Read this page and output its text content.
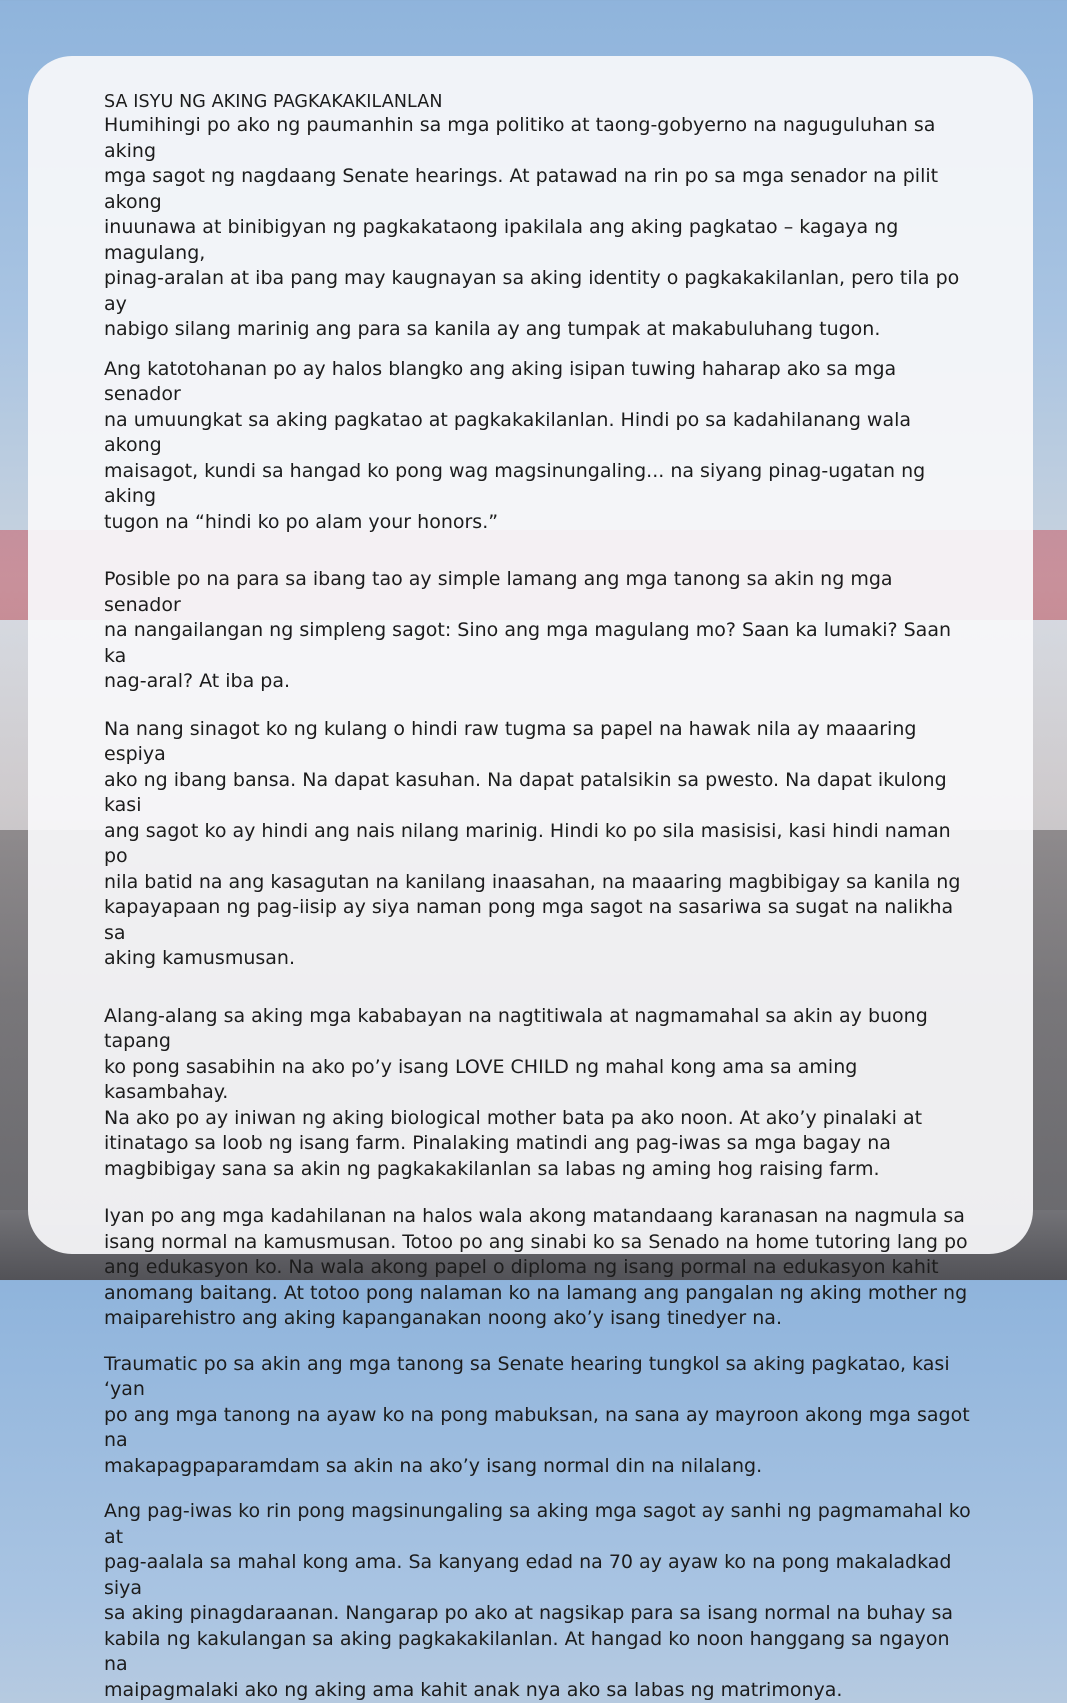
SA ISYU NG AKING PAGKAKAKILANLAN

Humihingi po ako ng paumanhin sa mga politiko at taong-gobyerno na naguguluhan sa aking
mga sagot ng nagdaang Senate hearings. At patawad na rin po sa mga senador na pilit akong
inuunawa at binibigyan ng pagkakataong ipakilala ang aking pagkatao – kagaya ng magulang,
pinag-aralan at iba pang may kaugnayan sa aking identity o pagkakakilanlan, pero tila po ay
nabigo silang marinig ang para sa kanila ay ang tumpak at makabuluhang tugon.

Ang katotohanan po ay halos blangko ang aking isipan tuwing haharap ako sa mga senador
na umuungkat sa aking pagkatao at pagkakakilanlan. Hindi po sa kadahilanang wala akong
maisagot, kundi sa hangad ko pong wag magsinungaling... na siyang pinag-ugatan ng aking
tugon na “hindi ko po alam your honors.”

Posible po na para sa ibang tao ay simple lamang ang mga tanong sa akin ng mga senador
na nangailangan ng simpleng sagot: Sino ang mga magulang mo? Saan ka lumaki? Saan ka
nag-aral? At iba pa.

Na nang sinagot ko ng kulang o hindi raw tugma sa papel na hawak nila ay maaaring espiya
ako ng ibang bansa. Na dapat kasuhan. Na dapat patalsikin sa pwesto. Na dapat ikulong kasi
ang sagot ko ay hindi ang nais nilang marinig. Hindi ko po sila masisisi, kasi hindi naman po
nila batid na ang kasagutan na kanilang inaasahan, na maaaring magbibigay sa kanila ng
kapayapaan ng pag-iisip ay siya naman pong mga sagot na sasariwa sa sugat na nalikha sa
aking kamusmusan.

Alang-alang sa aking mga kababayan na nagtitiwala at nagmamahal sa akin ay buong tapang
ko pong sasabihin na ako po’y isang LOVE CHILD ng mahal kong ama sa aming kasambahay.
Na ako po ay iniwan ng aking biological mother bata pa ako noon. At ako’y pinalaki at
itinatago sa loob ng isang farm. Pinalaking matindi ang pag-iwas sa mga bagay na
magbibigay sana sa akin ng pagkakakilanlan sa labas ng aming hog raising farm.

Iyan po ang mga kadahilanan na halos wala akong matandaang karanasan na nagmula sa
isang normal na kamusmusan. Totoo po ang sinabi ko sa Senado na home tutoring lang po
ang edukasyon ko. Na wala akong papel o diploma ng isang pormal na edukasyon kahit
anomang baitang. At totoo pong nalaman ko na lamang ang pangalan ng aking mother ng
maiparehistro ang aking kapanganakan noong ako’y isang tinedyer na.

Traumatic po sa akin ang mga tanong sa Senate hearing tungkol sa aking pagkatao, kasi ‘yan
po ang mga tanong na ayaw ko na pong mabuksan, na sana ay mayroon akong mga sagot na
makapagpaparamdam sa akin na ako’y isang normal din na nilalang.

Ang pag-iwas ko rin pong magsinungaling sa aking mga sagot ay sanhi ng pagmamahal ko at
pag-aalala sa mahal kong ama. Sa kanyang edad na 70 ay ayaw ko na pong makaladkad siya
sa aking pinagdaraanan. Nangarap po ako at nagsikap para sa isang normal na buhay sa
kabila ng kakulangan sa aking pagkakakilanlan. At hangad ko noon hanggang sa ngayon na
maipagmalaki ako ng aking ama kahit anak nya ako sa labas ng matrimonya.
